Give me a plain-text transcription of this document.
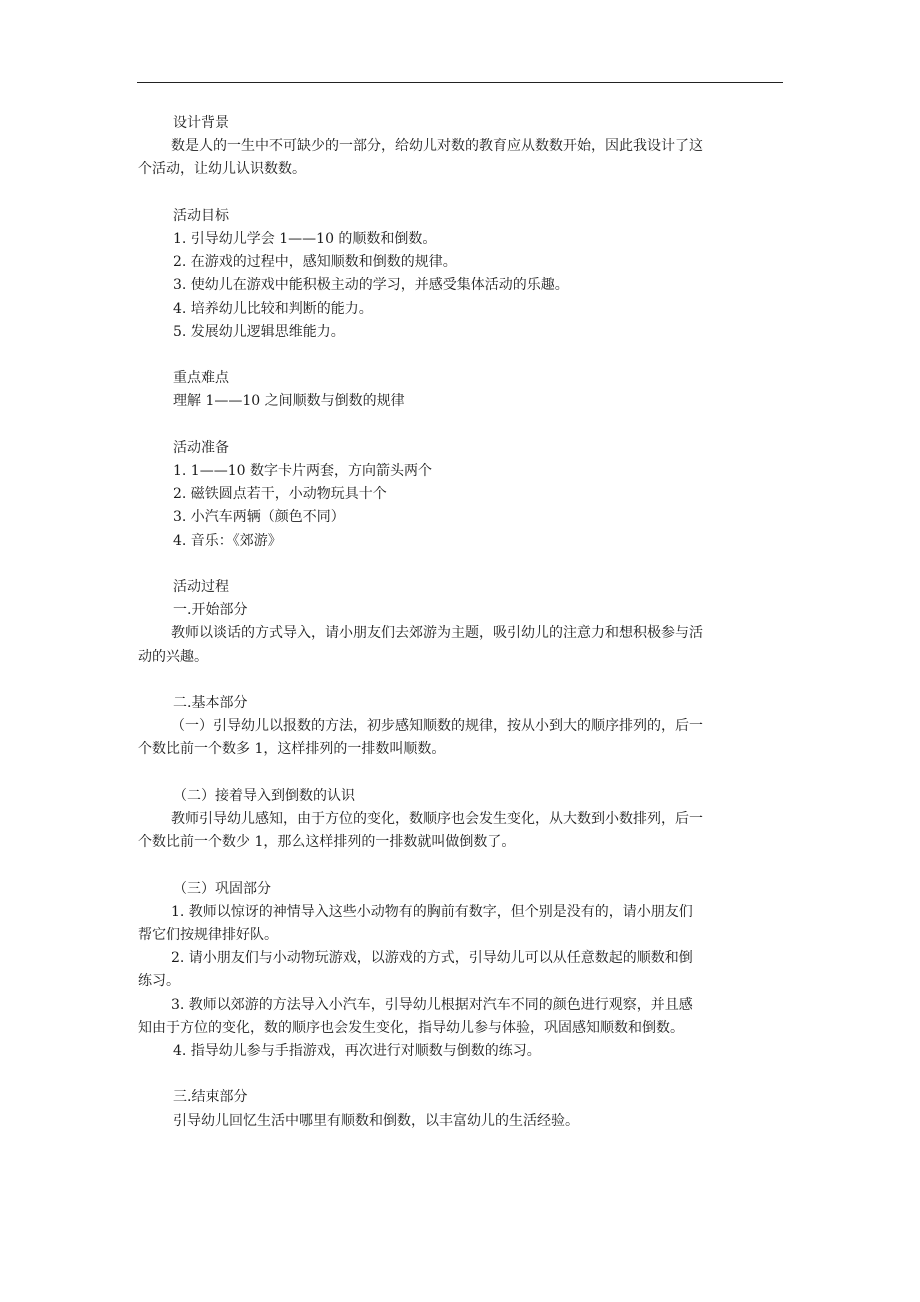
设计背景
数是人的一生中不可缺少的一部分，给幼儿对数的教育应从数数开始，因此我设计了这
个活动，让幼儿认识数数。
活动目标
1. 引导幼儿学会 1——10 的顺数和倒数。
2. 在游戏的过程中，感知顺数和倒数的规律。
3. 使幼儿在游戏中能积极主动的学习，并感受集体活动的乐趣。
4. 培养幼儿比较和判断的能力。
5. 发展幼儿逻辑思维能力。
重点难点
理解 1——10 之间顺数与倒数的规律
活动准备
1. 1——10 数字卡片两套，方向箭头两个
2. 磁铁圆点若干，小动物玩具十个
3. 小汽车两辆（颜色不同）
4. 音乐：《郊游》
活动过程
一.开始部分
教师以谈话的方式导入，请小朋友们去郊游为主题，吸引幼儿的注意力和想积极参与活
动的兴趣。
二.基本部分
（一）引导幼儿以报数的方法，初步感知顺数的规律，按从小到大的顺序排列的，后一
个数比前一个数多 1，这样排列的一排数叫顺数。
（二）接着导入到倒数的认识
教师引导幼儿感知，由于方位的变化，数顺序也会发生变化，从大数到小数排列，后一
个数比前一个数少 1，那么这样排列的一排数就叫做倒数了。
（三）巩固部分
1. 教师以惊讶的神情导入这些小动物有的胸前有数字，但个别是没有的，请小朋友们
帮它们按规律排好队。
2. 请小朋友们与小动物玩游戏，以游戏的方式，引导幼儿可以从任意数起的顺数和倒
练习。
3. 教师以郊游的方法导入小汽车，引导幼儿根据对汽车不同的颜色进行观察，并且感
知由于方位的变化，数的顺序也会发生变化，指导幼儿参与体验，巩固感知顺数和倒数。
4. 指导幼儿参与手指游戏，再次进行对顺数与倒数的练习。
三.结束部分
引导幼儿回忆生活中哪里有顺数和倒数，以丰富幼儿的生活经验。
